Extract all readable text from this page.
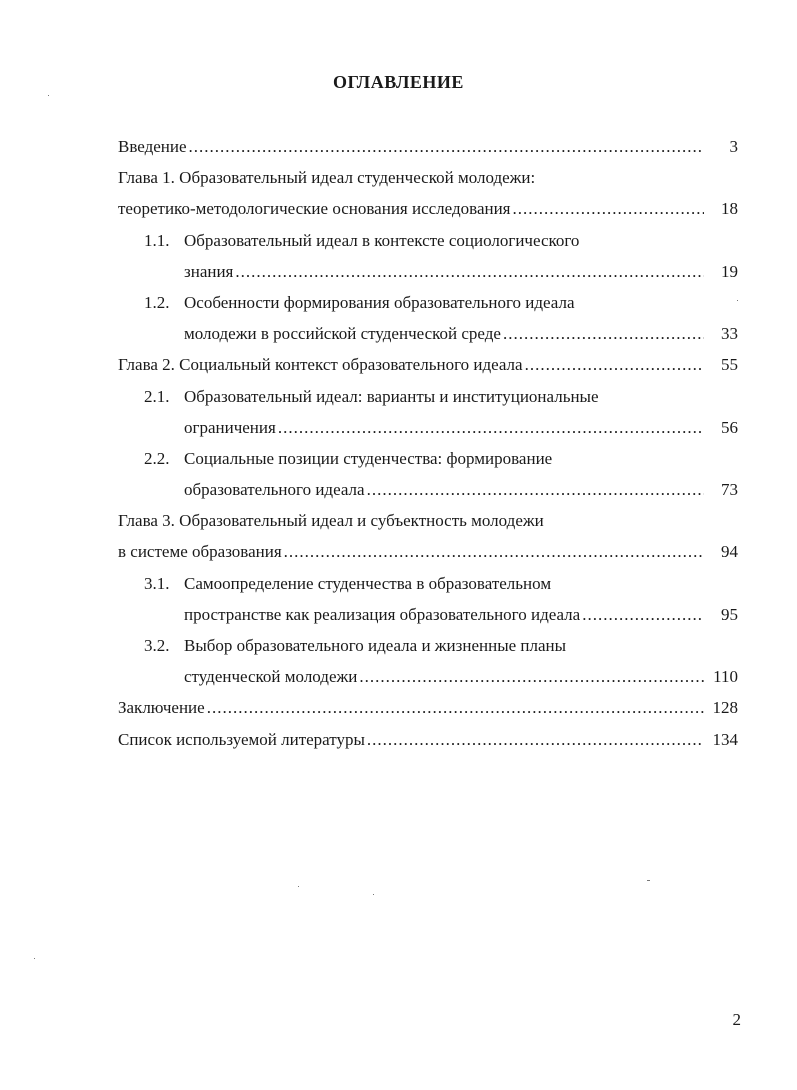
ОГЛАВЛЕНИЕ
Введение .....	3
Глава 1. Образовательный идеал студенческой молодежи:
теоретико-методологические основания исследования .....	18
1.1. Образовательный идеал в контексте социологического
знания .....	19
1.2. Особенности формирования образовательного идеала
молодежи в российской студенческой среде .....	33
Глава 2. Социальный контекст образовательного идеала .....	55
2.1. Образовательный идеал: варианты и институциональные
ограничения .....	56
2.2. Социальные позиции студенчества: формирование
образовательного идеала .....	73
Глава 3. Образовательный идеал и субъектность молодежи
в системе образования .....	94
3.1. Самоопределение студенчества в образовательном
пространстве как реализация образовательного идеала .....	95
3.2. Выбор образовательного идеала и жизненные планы
студенческой молодежи .....	110
Заключение .....	128
Список используемой литературы .....	134
2
